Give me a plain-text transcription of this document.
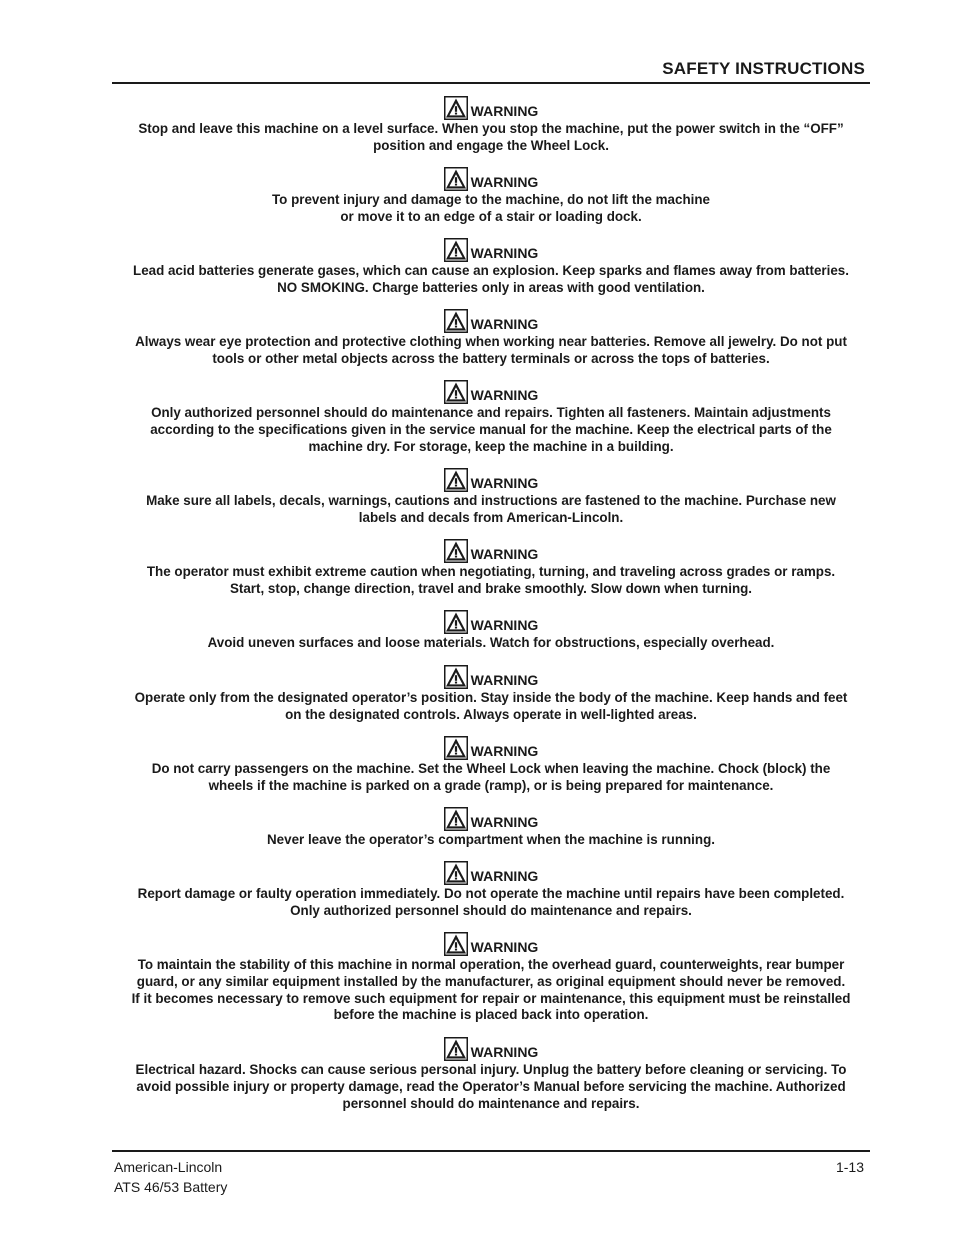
SAFETY INSTRUCTIONS
WARNING
Stop and leave this machine on a level surface. When you stop the machine, put the power switch in the “OFF”
position and engage the Wheel Lock.
WARNING
To prevent injury and damage to the machine, do not lift the machine
or move it to an edge of a stair or loading dock.
WARNING
Lead acid batteries generate gases, which can cause an explosion. Keep sparks and flames away from batteries.
NO SMOKING. Charge batteries only in areas with good ventilation.
WARNING
Always wear eye protection and protective clothing when working near batteries. Remove all jewelry. Do not put
tools or other metal objects across the battery terminals or across the tops of batteries.
WARNING
Only authorized personnel should do maintenance and repairs. Tighten all fasteners. Maintain adjustments
according to the specifications given in the service manual for the machine. Keep the electrical parts of the
machine dry. For storage, keep the machine in a building.
WARNING
Make sure all labels, decals, warnings, cautions and instructions are fastened to the machine. Purchase new
labels and decals from American-Lincoln.
WARNING
The operator must exhibit extreme caution when negotiating, turning, and traveling across grades or ramps.
Start, stop, change direction, travel and brake smoothly. Slow down when turning.
WARNING
Avoid uneven surfaces and loose materials. Watch for obstructions, especially overhead.
WARNING
Operate only from the designated operator’s position. Stay inside the body of the machine. Keep hands and feet
on the designated controls. Always operate in well-lighted areas.
WARNING
Do not carry passengers on the machine. Set the Wheel Lock when leaving the machine. Chock (block) the
wheels if the machine is parked on a grade (ramp), or is being prepared for maintenance.
WARNING
Never leave the operator’s compartment when the machine is running.
WARNING
Report damage or faulty operation immediately. Do not operate the machine until repairs have been completed.
Only authorized personnel should do maintenance and repairs.
WARNING
To maintain the stability of this machine in normal operation, the overhead guard, counterweights, rear bumper
guard, or any similar equipment installed by the manufacturer, as original equipment should never be removed.
If it becomes necessary to remove such equipment for repair or maintenance, this equipment must be reinstalled
before the machine is placed back into operation.
WARNING
Electrical hazard. Shocks can cause serious personal injury. Unplug the battery before cleaning or servicing. To
avoid possible injury or property damage, read the Operator’s Manual before servicing the machine. Authorized
personnel should do maintenance and repairs.
American-Lincoln
ATS 46/53 Battery
1-13
